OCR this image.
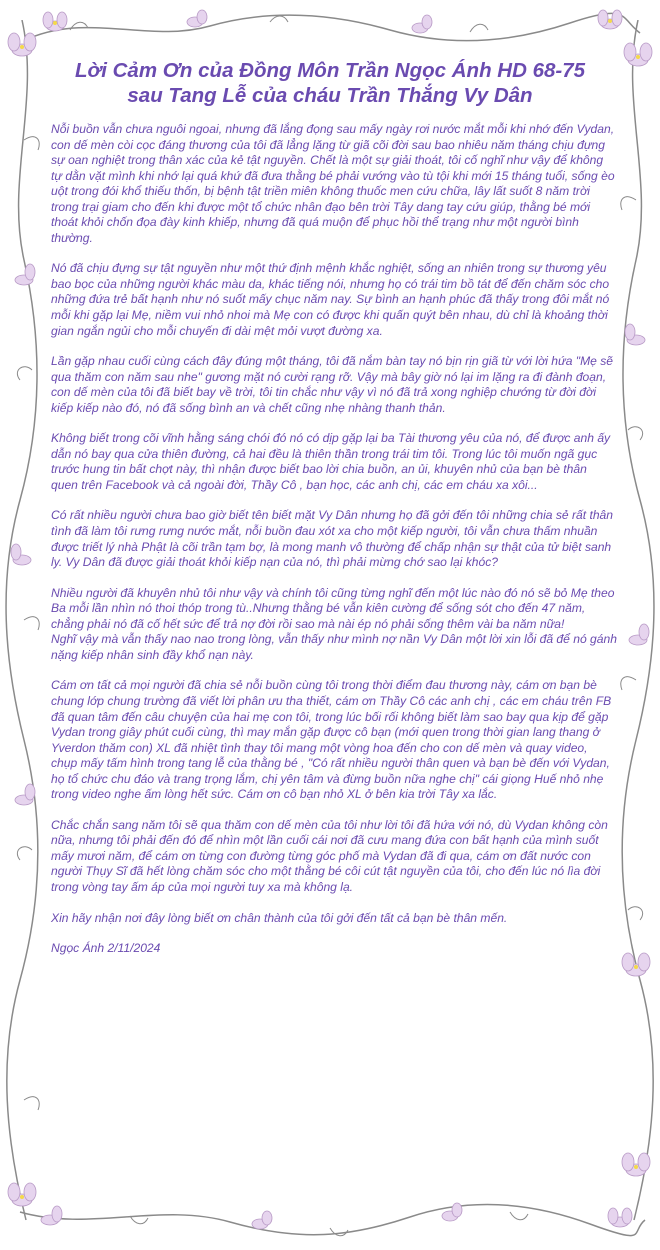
Lời Cảm Ơn của Đồng Môn Trần Ngọc Ánh HD 68-75
sau Tang Lễ của cháu Trần Thắng Vy Dân

Nỗi buồn vẫn chưa nguôi ngoai, nhưng đã lắng đọng sau mấy ngày rơi nước mắt mỗi khi nhớ đến Vydan, con dế mèn còi cọc đáng thương của tôi đã lẳng lặng từ giã cõi đời sau bao nhiêu năm tháng chịu đựng sự oan nghiệt trong thân xác của kẻ tật nguyền. Chết là một sự giải thoát, tôi cố nghĩ như vậy để không tự dằn vặt mình khi nhớ lại quá khứ đã đưa thằng bé phải vướng vào tù tội khi mới 15 tháng tuổi, sống èo uột trong đói khổ thiếu thốn, bị bệnh tật triền miên không thuốc men cứu chữa, lây lất suốt 8 năm trời trong trại giam cho đến khi được một tổ chức nhân đạo bên trời Tây dang tay cứu giúp, thằng bé mới thoát khỏi chốn đọa đày kinh khiếp, nhưng đã quá muộn để phục hồi thể trạng như một người bình thường.

Nó đã chịu đựng sự tật nguyền như một thứ định mệnh khắc nghiệt, sống an nhiên trong sự thương yêu bao bọc của những người khác màu da, khác tiếng nói, nhưng họ có trái tim bồ tát để đến chăm sóc cho những đứa trẻ bất hạnh như nó suốt mấy chục năm nay. Sự bình an hạnh phúc đã thấy trong đôi mắt nó mỗi khi gặp lại Mẹ, niềm vui nhỏ nhoi mà Mẹ con có được khi quấn quýt bên nhau, dù chỉ là khoảng thời gian ngắn ngủi cho mỗi chuyến đi dài mệt mỏi vượt đường xa.

Lần gặp nhau cuối cùng cách đây đúng một tháng, tôi đã nắm bàn tay nó bịn rịn giã từ với lời hứa "Mẹ sẽ qua thăm con năm sau nhe" gương mặt nó cười rạng rỡ. Vậy mà bây giờ nó lại im lặng ra đi đành đoạn, con dế mèn của tôi đã biết bay về trời, tôi tin chắc như vậy vì nó đã trả xong nghiệp chướng từ đời đời kiếp kiếp nào đó, nó đã sống bình an và chết cũng nhẹ nhàng thanh thản.

Không biết trong cõi vĩnh hằng sáng chói đó nó có dịp gặp lại ba Tài thương yêu của nó, để được anh ấy dẫn nó bay qua cửa thiên đường, cả hai đều là thiên thần trong trái tim tôi. Trong lúc tôi muốn ngã gục trước hung tin bất chợt này, thì nhận được biết bao lời chia buồn, an ủi, khuyên nhủ của bạn bè thân quen trên Facebook và cả ngoài đời, Thầy Cô , bạn học, các anh chị, các em cháu xa xôi...

Có rất nhiều người chưa bao giờ biết tên biết mặt Vy Dân nhưng họ đã gởi đến tôi những chia sẻ rất thân tình đã làm tôi rưng rưng nước mắt, nỗi buồn đau xót xa cho một kiếp người, tôi vẫn chưa thấm nhuần được triết lý nhà Phật là cõi trần tạm bợ, là mong manh vô thường để chấp nhận sự thật của tử biệt sanh ly. Vy Dân đã được giải thoát khỏi kiếp nạn của nó, thì phải mừng chớ sao lại khóc?

Nhiều người đã khuyên nhủ tôi như vậy và chính tôi cũng từng nghĩ đến một lúc nào đó nó sẽ bỏ Mẹ theo Ba mỗi lần nhìn nó thoi thóp trong tù..Nhưng thằng bé vẫn kiên cường để sống sót cho đến 47 năm, chẳng phải nó đã cố hết sức để trả nợ đời rồi sao mà nài ép nó phải sống thêm vài ba năm nữa!

Nghĩ vậy mà vẫn thấy nao nao trong lòng, vẫn thấy như mình nợ nần Vy Dân một lời xin lỗi đã để nó gánh nặng kiếp nhân sinh đầy khổ nạn này.

Cám ơn tất cả mọi người đã chia sẻ nỗi buồn cùng tôi trong thời điểm đau thương này, cám ơn bạn bè chung lớp chung trường đã viết lời phân ưu tha thiết, cám ơn Thầy Cô các anh chị , các em cháu trên FB đã quan tâm đến câu chuyện của hai mẹ con tôi, trong lúc bối rối không biết làm sao bay qua kịp để gặp Vydan trong giây phút cuối cùng, thì may mắn gặp được cô bạn (mới quen trong thời gian lang thang ở Yverdon thăm con) XL đã nhiệt tình thay tôi mang một vòng hoa đến cho con dế mèn và quay video, chụp mấy tấm hình trong tang lễ của thằng bé , "Có rất nhiều người thân quen và bạn bè đến với Vydan, họ tổ chức chu đáo và trang trọng lắm, chị yên tâm và đừng buồn nữa nghe chị" cái giọng Huế nhỏ nhẹ trong video nghe ấm lòng hết sức. Cám ơn cô bạn nhỏ XL ở bên kia trời Tây xa lắc.

Chắc chắn sang năm tôi sẽ qua thăm con dế mèn của tôi như lời tôi đã hứa với nó, dù Vydan không còn nữa, nhưng tôi phải đến đó để nhìn một lần cuối cái nơi đã cưu mang đứa con bất hạnh của mình suốt mấy mươi năm, để cám ơn từng con đường từng góc phố mà Vydan đã đi qua, cám ơn đất nước con người Thụy Sĩ đã hết lòng chăm sóc cho một thằng bé côi cút tật nguyền của tôi, cho đến lúc nó lìa đời trong vòng tay ấm áp của mọi người tuy xa mà không lạ.

Xin hãy nhận nơi đây lòng biết ơn chân thành của tôi gởi đến tất cả bạn bè thân mến.

Ngọc Ánh 2/11/2024
